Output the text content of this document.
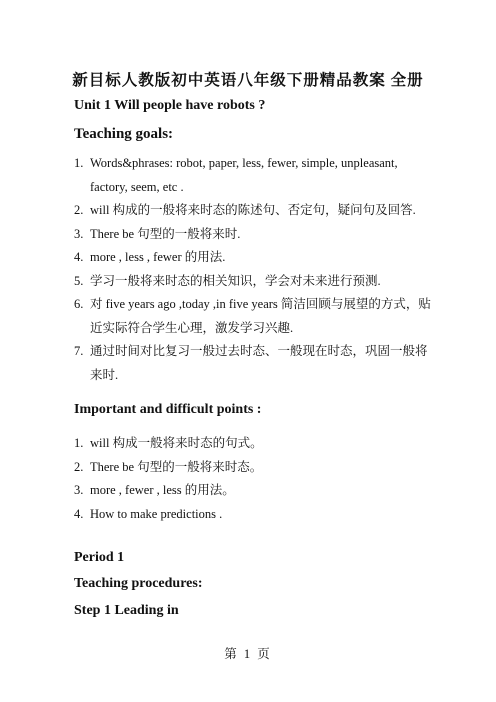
新目标人教版初中英语八年级下册精品教案 全册
Unit 1 Will people have robots ?
Teaching goals:
1. Words&phrases: robot, paper, less, fewer, simple, unpleasant, factory, seem, etc .
2. will 构成的一般将来时态的陈述句、否定句，疑问句及回答.
3. There be 句型的一般将来时.
4. more , less , fewer 的用法.
5. 学习一般将来时态的相关知识，学会对未来进行预测.
6. 对 five years ago ,today ,in five years 简洁回顾与展望的方式，贴近实际符合学生心理，激发学习兴趣.
7. 通过时间对比复习一般过去时态、一般现在时态，巩固一般将来时.
Important and difficult points :
1. will 构成一般将来时态的句式。
2. There be 句型的一般将来时态。
3. more , fewer , less 的用法。
4. How to make predictions .
Period 1
Teaching procedures:
Step 1 Leading in
第 1 页
